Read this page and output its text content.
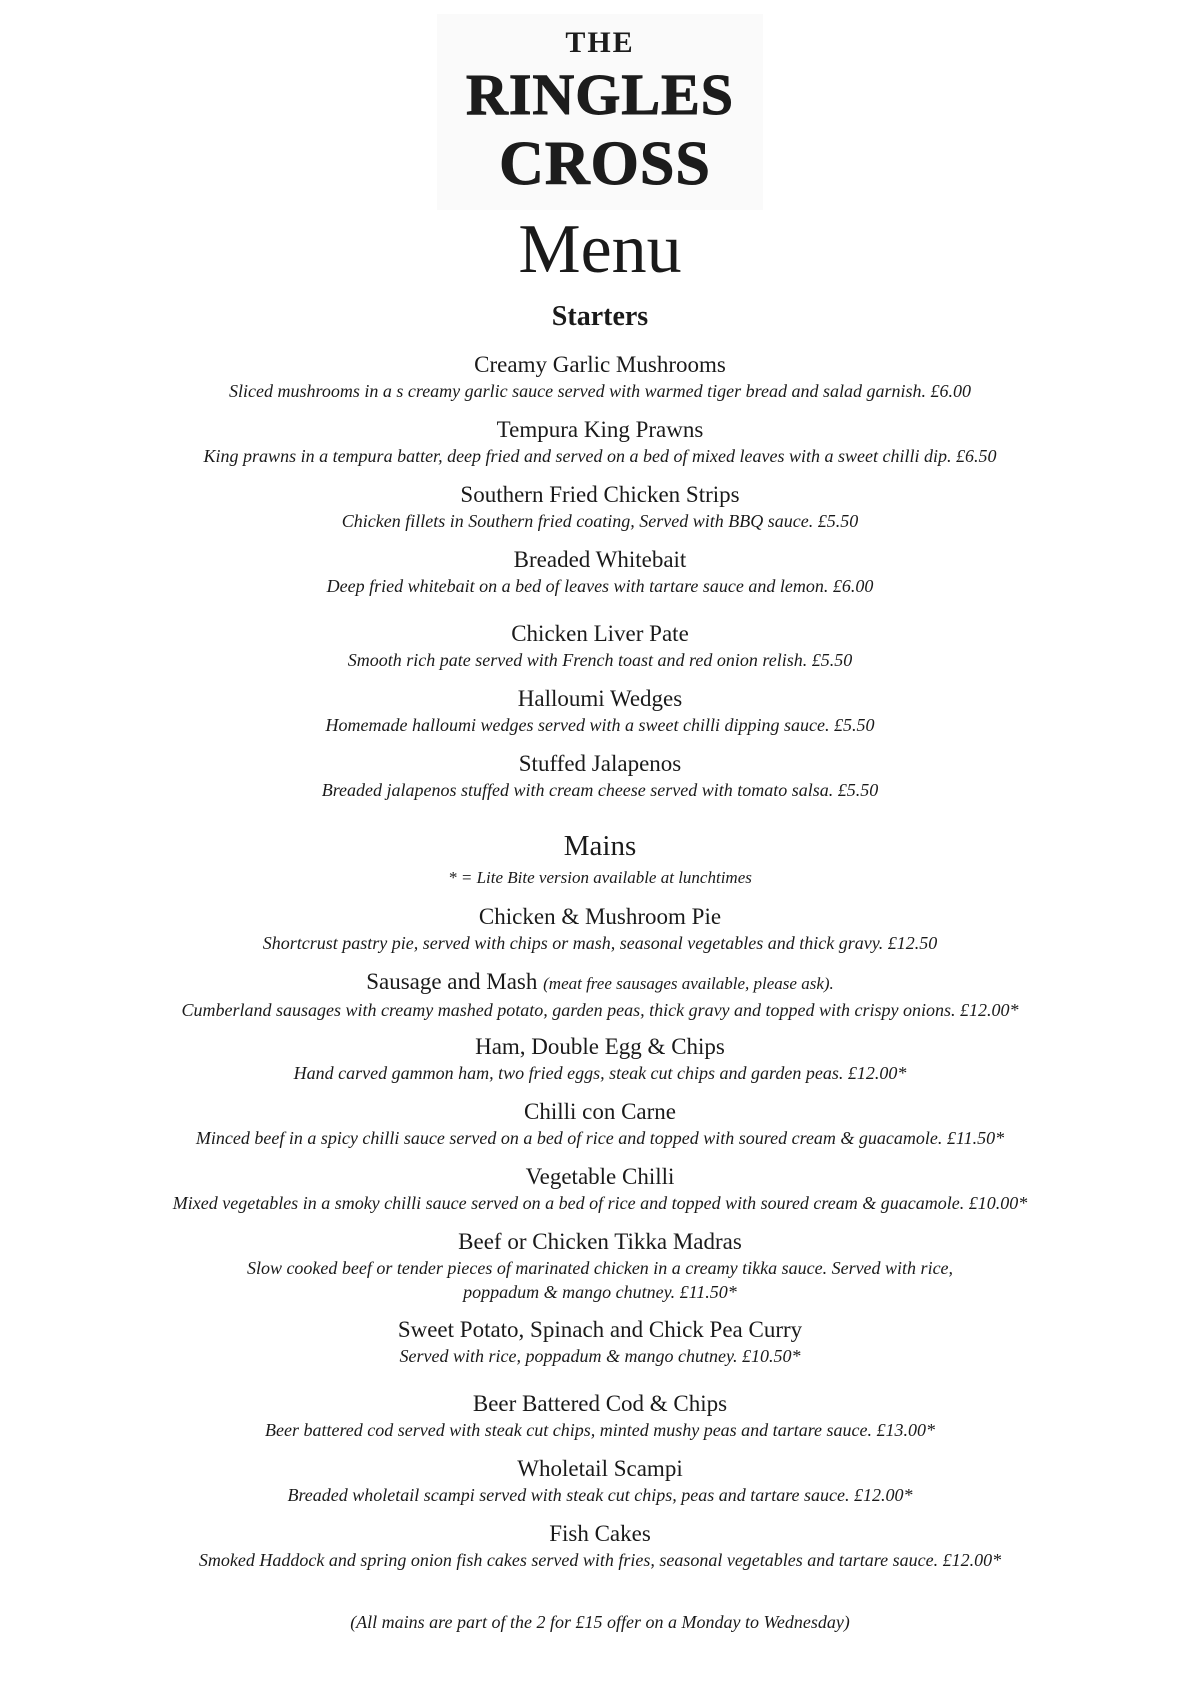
THE
RINGLES
CROSS
Menu
Starters
Creamy Garlic Mushrooms
Sliced mushrooms in a s creamy garlic sauce served with warmed tiger bread and salad garnish. £6.00
Tempura King Prawns
King prawns in a tempura batter, deep fried and served on a bed of mixed leaves with a sweet chilli dip. £6.50
Southern Fried Chicken Strips
Chicken fillets in Southern fried coating, Served with BBQ sauce. £5.50
Breaded Whitebait
Deep fried whitebait on a bed of leaves with tartare sauce and lemon. £6.00
Chicken Liver Pate
Smooth rich pate served with French toast and red onion relish. £5.50
Halloumi Wedges
Homemade halloumi wedges served with a sweet chilli dipping sauce. £5.50
Stuffed Jalapenos
Breaded jalapenos stuffed with cream cheese served with tomato salsa. £5.50
Mains
* = Lite Bite version available at lunchtimes
Chicken & Mushroom Pie
Shortcrust pastry pie, served with chips or mash, seasonal vegetables and thick gravy. £12.50
Sausage and Mash (meat free sausages available, please ask).
Cumberland sausages with creamy mashed potato, garden peas, thick gravy and topped with crispy onions. £12.00*
Ham, Double Egg & Chips
Hand carved gammon ham, two fried eggs, steak cut chips and garden peas. £12.00*
Chilli con Carne
Minced beef in a spicy chilli sauce served on a bed of rice and topped with soured cream & guacamole. £11.50*
Vegetable Chilli
Mixed vegetables in a smoky chilli sauce served on a bed of rice and topped with soured cream & guacamole. £10.00*
Beef or Chicken Tikka Madras
Slow cooked beef or tender pieces of marinated chicken in a creamy tikka sauce. Served with rice,
poppadum & mango chutney. £11.50*
Sweet Potato, Spinach and Chick Pea Curry
Served with rice, poppadum & mango chutney. £10.50*
Beer Battered Cod & Chips
Beer battered cod served with steak cut chips, minted mushy peas and tartare sauce. £13.00*
Wholetail Scampi
Breaded wholetail scampi served with steak cut chips, peas and tartare sauce. £12.00*
Fish Cakes
Smoked Haddock and spring onion fish cakes served with fries, seasonal vegetables and tartare sauce. £12.00*
(All mains are part of the 2 for £15 offer on a Monday to Wednesday)
